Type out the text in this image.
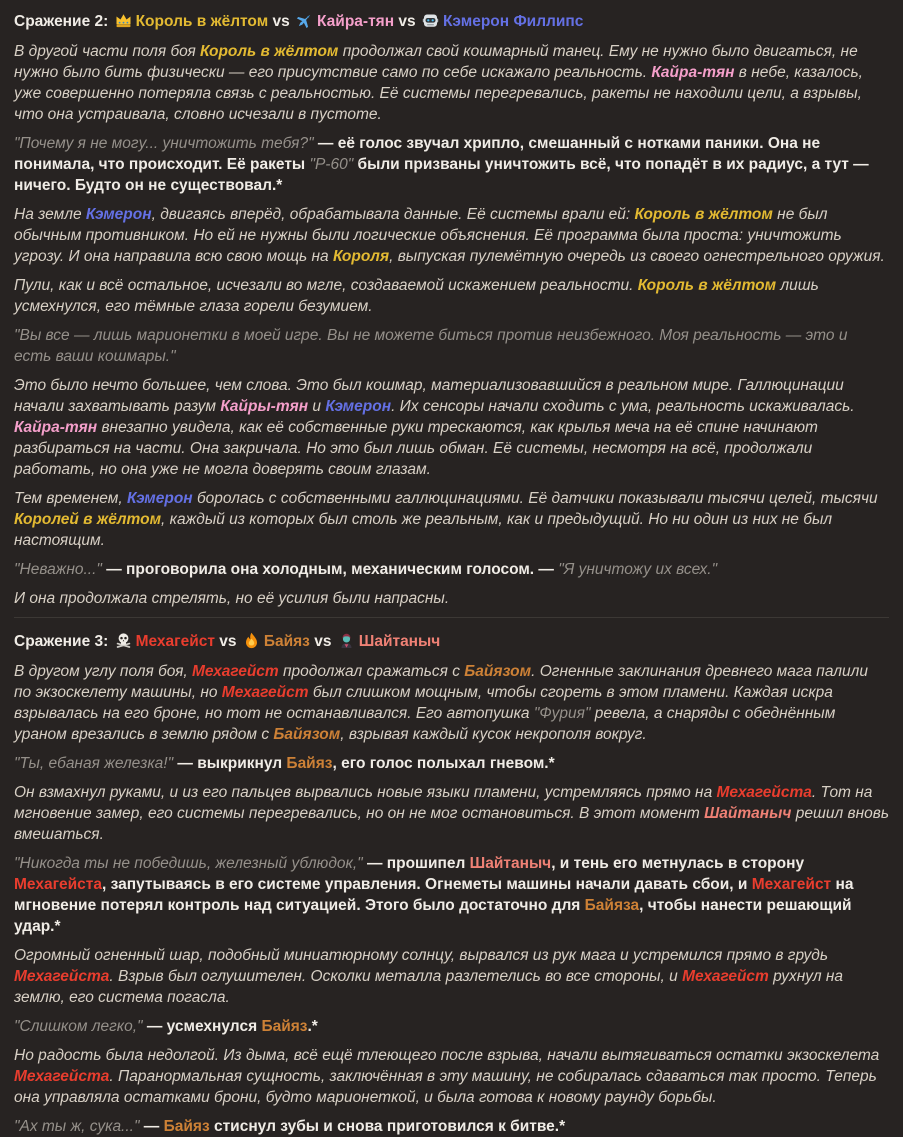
Сражение 2: Король в жёлтом vs Кайра-тян vs Кэмерон Филлипс

В другой части поля боя Король в жёлтом продолжал свой кошмарный танец. Ему не нужно было двигаться, не нужно было бить физически — его присутствие само по себе искажало реальность. Кайра-тян в небе, казалось, уже совершенно потеряла связь с реальностью. Её системы перегревались, ракеты не находили цели, а взрывы, что она устраивала, словно исчезали в пустоте.

"Почему я не могу... уничтожить тебя?" — её голос звучал хрипло, смешанный с нотками паники. Она не понимала, что происходит. Её ракеты "Р-60" были призваны уничтожить всё, что попадёт в их радиус, а тут — ничего. Будто он не существовал.*

На земле Кэмерон, двигаясь вперёд, обрабатывала данные. Её системы врали ей: Король в жёлтом не был обычным противником. Но ей не нужны были логические объяснения. Её программа была проста: уничтожить угрозу. И она направила всю свою мощь на Короля, выпуская пулемётную очередь из своего огнестрельного оружия.

Пули, как и всё остальное, исчезали во мгле, создаваемой искажением реальности. Король в жёлтом лишь усмехнулся, его тёмные глаза горели безумием.

"Вы все — лишь марионетки в моей игре. Вы не можете биться против неизбежного. Моя реальность — это и есть ваши кошмары."

Это было нечто большее, чем слова. Это был кошмар, материализовавшийся в реальном мире. Галлюцинации начали захватывать разум Кайры-тян и Кэмерон. Их сенсоры начали сходить с ума, реальность искаживалась. Кайра-тян внезапно увидела, как её собственные руки трескаются, как крылья меча на её спине начинают разбираться на части. Она закричала. Но это был лишь обман. Её системы, несмотря на всё, продолжали работать, но она уже не могла доверять своим глазам.

Тем временем, Кэмерон боролась с собственными галлюцинациями. Её датчики показывали тысячи целей, тысячи Королей в жёлтом, каждый из которых был столь же реальным, как и предыдущий. Но ни один из них не был настоящим.

"Неважно..." — проговорила она холодным, механическим голосом. — "Я уничтожу их всех."

И она продолжала стрелять, но её усилия были напрасны.

Сражение 3: Мехагейст vs Байяз vs Шайтаныч

В другом углу поля боя, Мехагейст продолжал сражаться с Байязом. Огненные заклинания древнего мага палили по экзоскелету машины, но Мехагейст был слишком мощным, чтобы сгореть в этом пламени. Каждая искра взрывалась на его броне, но тот не останавливался. Его автопушка "Фурия" ревела, а снаряды с обеднённым ураном врезались в землю рядом с Байязом, взрывая каждый кусок некрополя вокруг.

"Ты, ебаная железка!" — выкрикнул Байяз, его голос полыхал гневом.*

Он взмахнул руками, и из его пальцев вырвались новые языки пламени, устремляясь прямо на Мехагейста. Тот на мгновение замер, его системы перегревались, но он не мог остановиться. В этот момент Шайтаныч решил вновь вмешаться.

"Никогда ты не победишь, железный ублюдок," — прошипел Шайтаныч, и тень его метнулась в сторону Мехагейста, запутываясь в его системе управления. Огнеметы машины начали давать сбои, и Мехагейст на мгновение потерял контроль над ситуацией. Этого было достаточно для Байяза, чтобы нанести решающий удар.*

Огромный огненный шар, подобный миниатюрному солнцу, вырвался из рук мага и устремился прямо в грудь Мехагейста. Взрыв был оглушителен. Осколки металла разлетелись во все стороны, и Мехагейст рухнул на землю, его система погасла.

"Слишком легко," — усмехнулся Байяз.*

Но радость была недолгой. Из дыма, всё ещё тлеющего после взрыва, начали вытягиваться остатки экзоскелета Мехагейста. Паранормальная сущность, заключённая в эту машину, не собиралась сдаваться так просто. Теперь она управляла остатками брони, будто марионеткой, и была готова к новому раунду борьбы.

"Ах ты ж, сука..." — Байяз стиснул зубы и снова приготовился к битве.*
